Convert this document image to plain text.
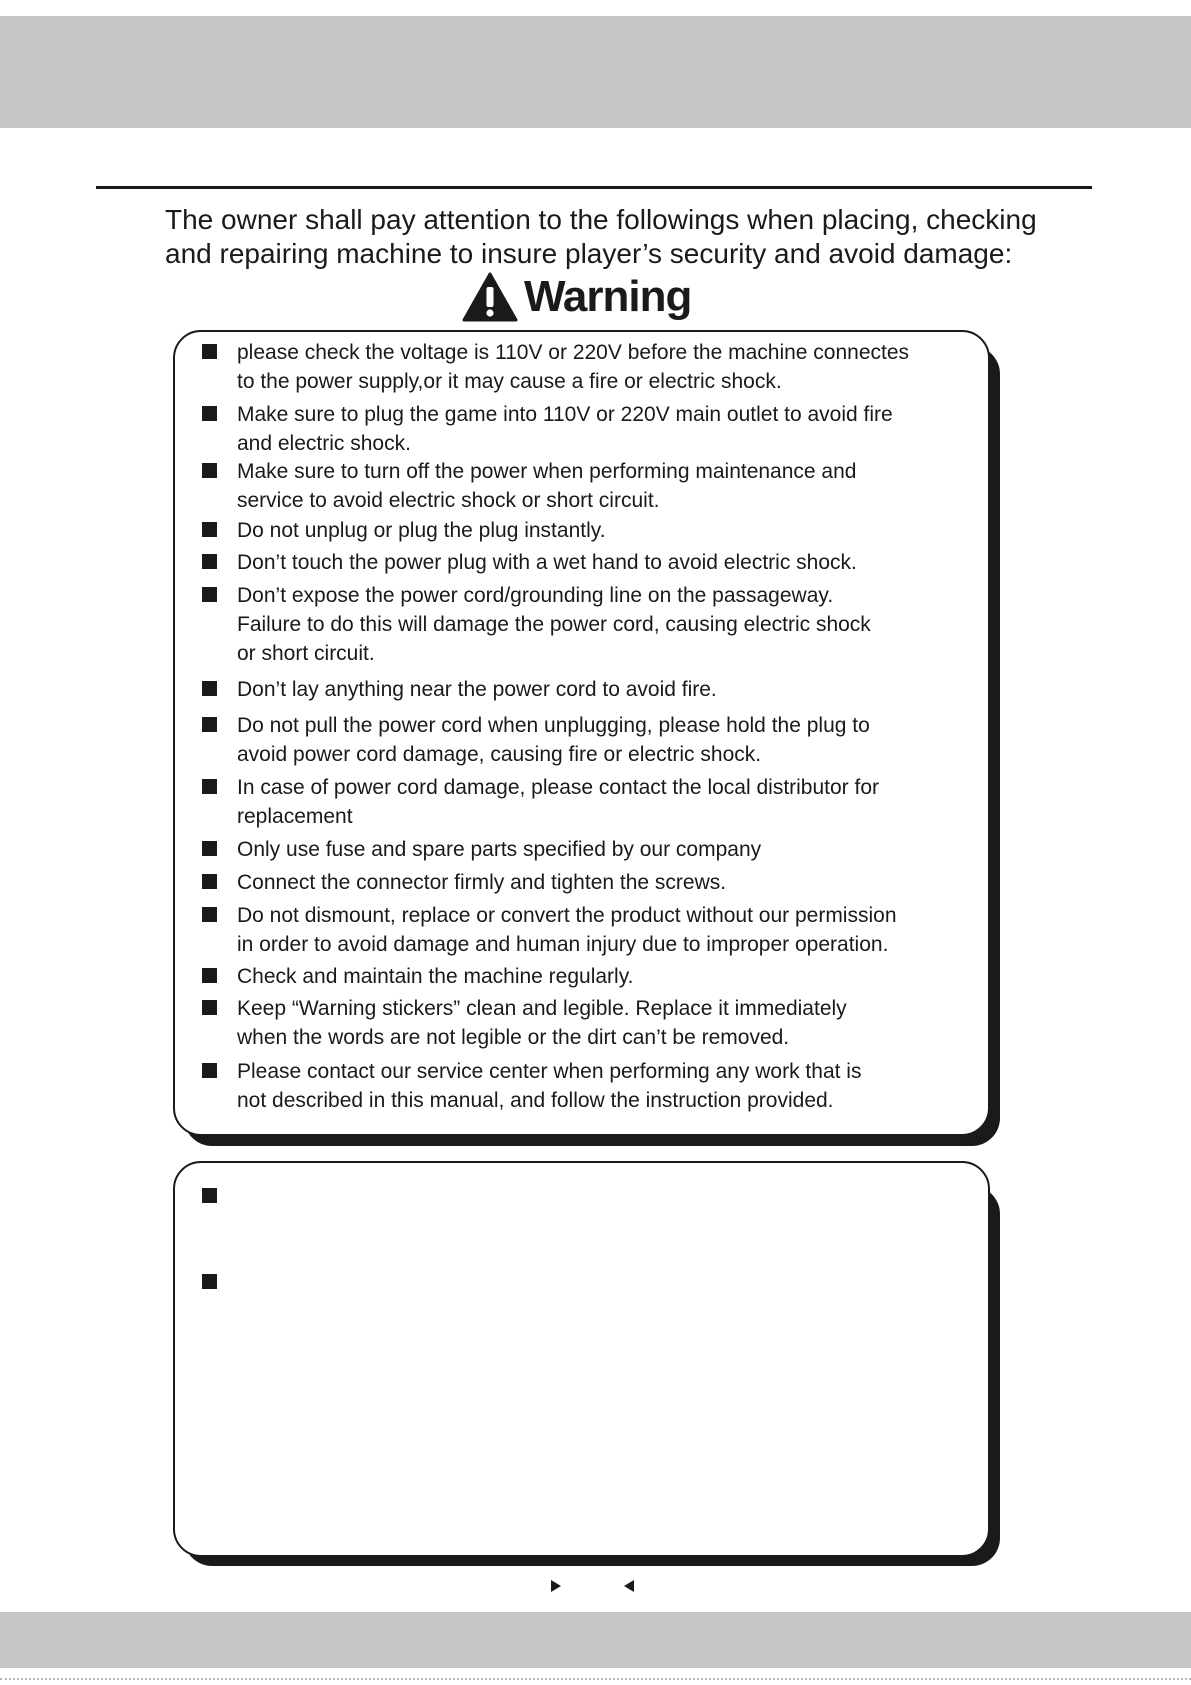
The owner shall pay attention to the followings when placing, checking

and repairing machine to insure player’s security and avoid damage:

Warning
please check the voltage is 110V or 220V before the machine connectes
to the power supply,or it may cause a fire or electric shock.
Make sure to plug the game into 110V or 220V main outlet to avoid fire
and electric shock.
Make sure to turn off the power when performing maintenance and
service to avoid electric shock or short circuit.
Do not unplug or plug the plug instantly.
Don’t touch the power plug with a wet hand to avoid electric shock.
Don’t expose the power cord/grounding line on the passageway.
Failure to do this will damage the power cord, causing electric shock
or short circuit.
Don’t lay anything near the power cord to avoid fire.
Do not pull the power cord when unplugging, please hold the plug to
avoid power cord damage, causing fire or electric shock.
In case of power cord damage, please contact the local distributor for
replacement
Only use fuse and spare parts specified by our company
Connect the connector firmly and tighten the screws.
Do not dismount, replace or convert the product without our permission
in order to avoid damage and human injury due to improper operation.
Check and maintain the machine regularly.
Keep “Warning stickers” clean and legible. Replace it immediately
when the words are not legible or the dirt can’t be removed.
Please contact our service center when performing any work that is
not described in this manual, and follow the instruction provided.
